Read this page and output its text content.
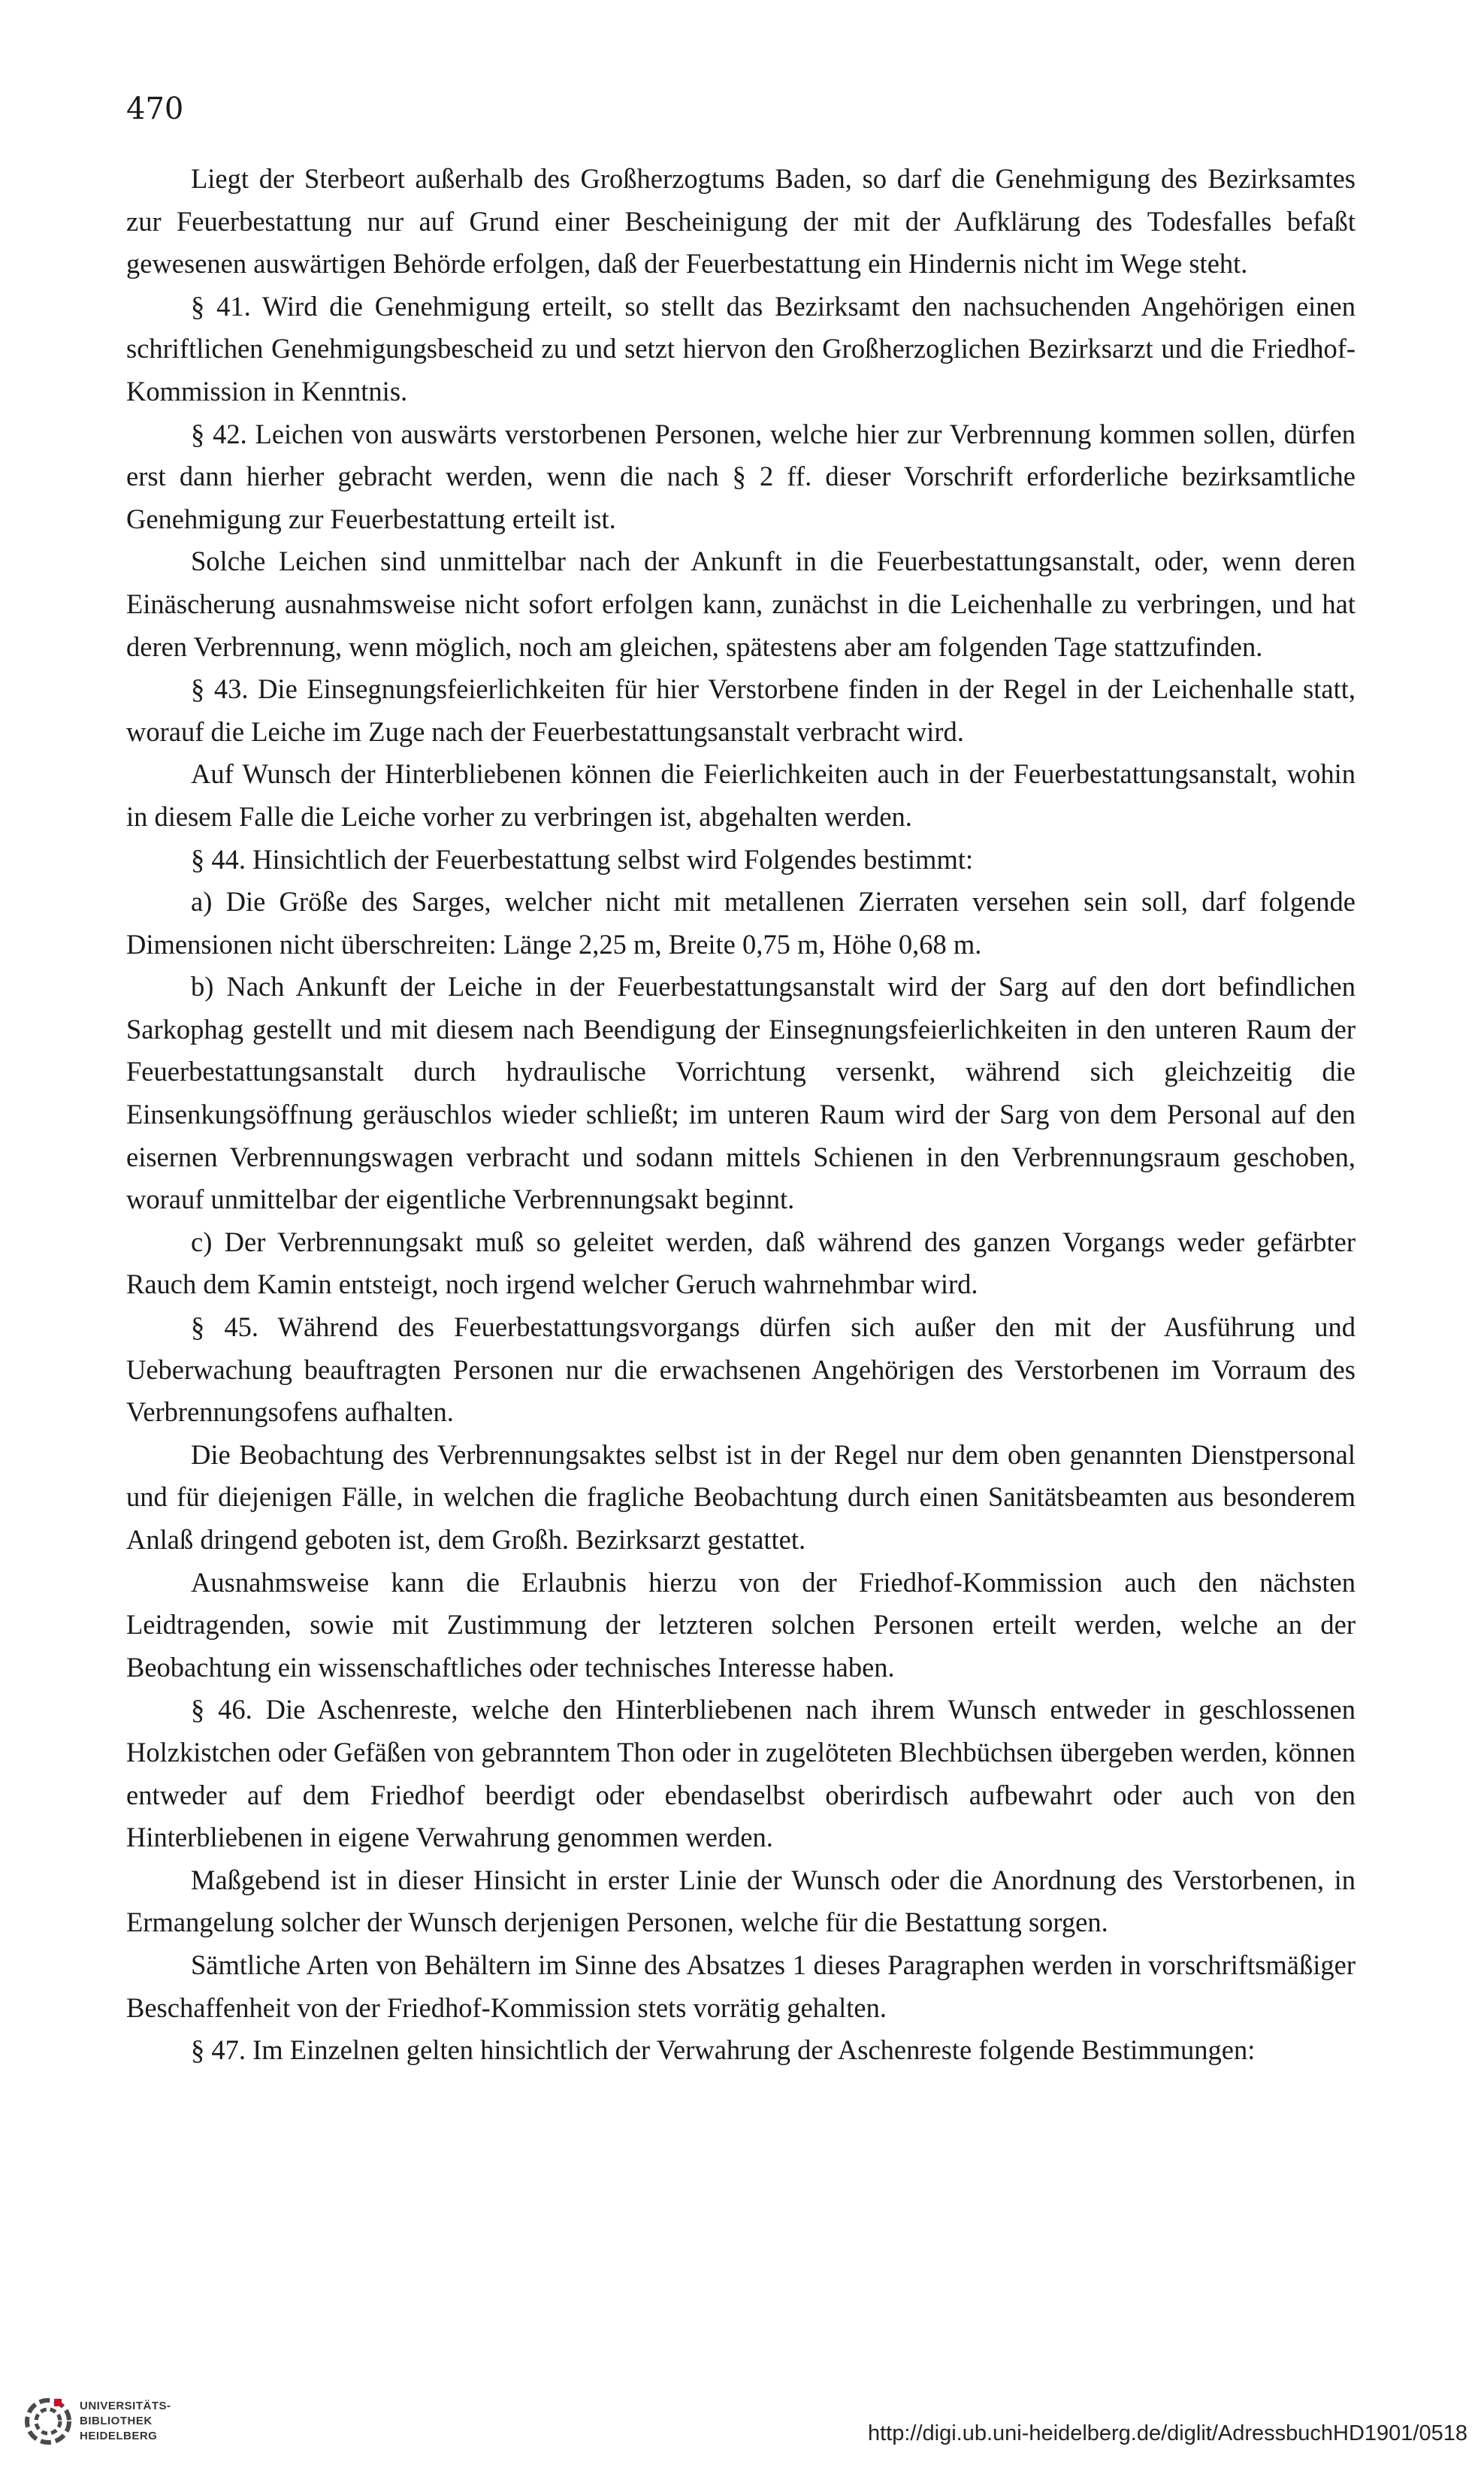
470

Liegt der Sterbeort außerhalb des Großherzogtums Baden, so darf die Genehmigung des Bezirksamtes zur Feuerbestattung nur auf Grund einer Bescheinigung der mit der Aufklärung des Todesfalles befaßt gewesenen auswärtigen Behörde erfolgen, daß der Feuerbestattung ein Hindernis nicht im Wege steht.

§ 41. Wird die Genehmigung erteilt, so stellt das Bezirksamt den nachsuchenden Angehörigen einen schriftlichen Genehmigungsbescheid zu und setzt hiervon den Großherzoglichen Bezirksarzt und die Friedhof-Kommission in Kenntnis.

§ 42. Leichen von auswärts verstorbenen Personen, welche hier zur Verbrennung kommen sollen, dürfen erst dann hierher gebracht werden, wenn die nach § 2 ff. dieser Vorschrift erforderliche bezirksamtliche Genehmigung zur Feuerbestattung erteilt ist.

Solche Leichen sind unmittelbar nach der Ankunft in die Feuerbestattungsanstalt, oder, wenn deren Einäscherung ausnahmsweise nicht sofort erfolgen kann, zunächst in die Leichenhalle zu verbringen, und hat deren Verbrennung, wenn möglich, noch am gleichen, spätestens aber am folgenden Tage stattzufinden.

§ 43. Die Einsegnungsfeierlichkeiten für hier Verstorbene finden in der Regel in der Leichenhalle statt, worauf die Leiche im Zuge nach der Feuerbestattungsanstalt verbracht wird.

Auf Wunsch der Hinterbliebenen können die Feierlichkeiten auch in der Feuerbestattungsanstalt, wohin in diesem Falle die Leiche vorher zu verbringen ist, abgehalten werden.

§ 44. Hinsichtlich der Feuerbestattung selbst wird Folgendes bestimmt:

a) Die Größe des Sarges, welcher nicht mit metallenen Zierraten versehen sein soll, darf folgende Dimensionen nicht überschreiten: Länge 2,25 m, Breite 0,75 m, Höhe 0,68 m.

b) Nach Ankunft der Leiche in der Feuerbestattungsanstalt wird der Sarg auf den dort befindlichen Sarkophag gestellt und mit diesem nach Beendigung der Einsegnungsfeierlichkeiten in den unteren Raum der Feuerbestattungsanstalt durch hydraulische Vorrichtung versenkt, während sich gleichzeitig die Einsenkungsöffnung geräuschlos wieder schließt; im unteren Raum wird der Sarg von dem Personal auf den eisernen Verbrennungswagen verbracht und sodann mittels Schienen in den Verbrennungsraum geschoben, worauf unmittelbar der eigentliche Verbrennungsakt beginnt.

c) Der Verbrennungsakt muß so geleitet werden, daß während des ganzen Vorgangs weder gefärbter Rauch dem Kamin entsteigt, noch irgend welcher Geruch wahrnehmbar wird.

§ 45. Während des Feuerbestattungsvorgangs dürfen sich außer den mit der Ausführung und Ueberwachung beauftragten Personen nur die erwachsenen Angehörigen des Verstorbenen im Vorraum des Verbrennungsofens aufhalten.

Die Beobachtung des Verbrennungsaktes selbst ist in der Regel nur dem oben genannten Dienstpersonal und für diejenigen Fälle, in welchen die fragliche Beobachtung durch einen Sanitätsbeamten aus besonderem Anlaß dringend geboten ist, dem Großh. Bezirksarzt gestattet.

Ausnahmsweise kann die Erlaubnis hierzu von der Friedhof-Kommission auch den nächsten Leidtragenden, sowie mit Zustimmung der letzteren solchen Personen erteilt werden, welche an der Beobachtung ein wissenschaftliches oder technisches Interesse haben.

§ 46. Die Aschenreste, welche den Hinterbliebenen nach ihrem Wunsch entweder in geschlossenen Holzkistchen oder Gefäßen von gebranntem Thon oder in zugelöteten Blechbüchsen übergeben werden, können entweder auf dem Friedhof beerdigt oder ebendaselbst oberirdisch aufbewahrt oder auch von den Hinterbliebenen in eigene Verwahrung genommen werden.

Maßgebend ist in dieser Hinsicht in erster Linie der Wunsch oder die Anordnung des Verstorbenen, in Ermangelung solcher der Wunsch derjenigen Personen, welche für die Bestattung sorgen.

Sämtliche Arten von Behältern im Sinne des Absatzes 1 dieses Paragraphen werden in vorschriftsmäßiger Beschaffenheit von der Friedhof-Kommission stets vorrätig gehalten.

§ 47. Im Einzelnen gelten hinsichtlich der Verwahrung der Aschenreste folgende Bestimmungen:

UNIVERSITÄTS-
BIBLIOTHEK
HEIDELBERG	http://digi.ub.uni-heidelberg.de/diglit/AdressbuchHD1901/0518
